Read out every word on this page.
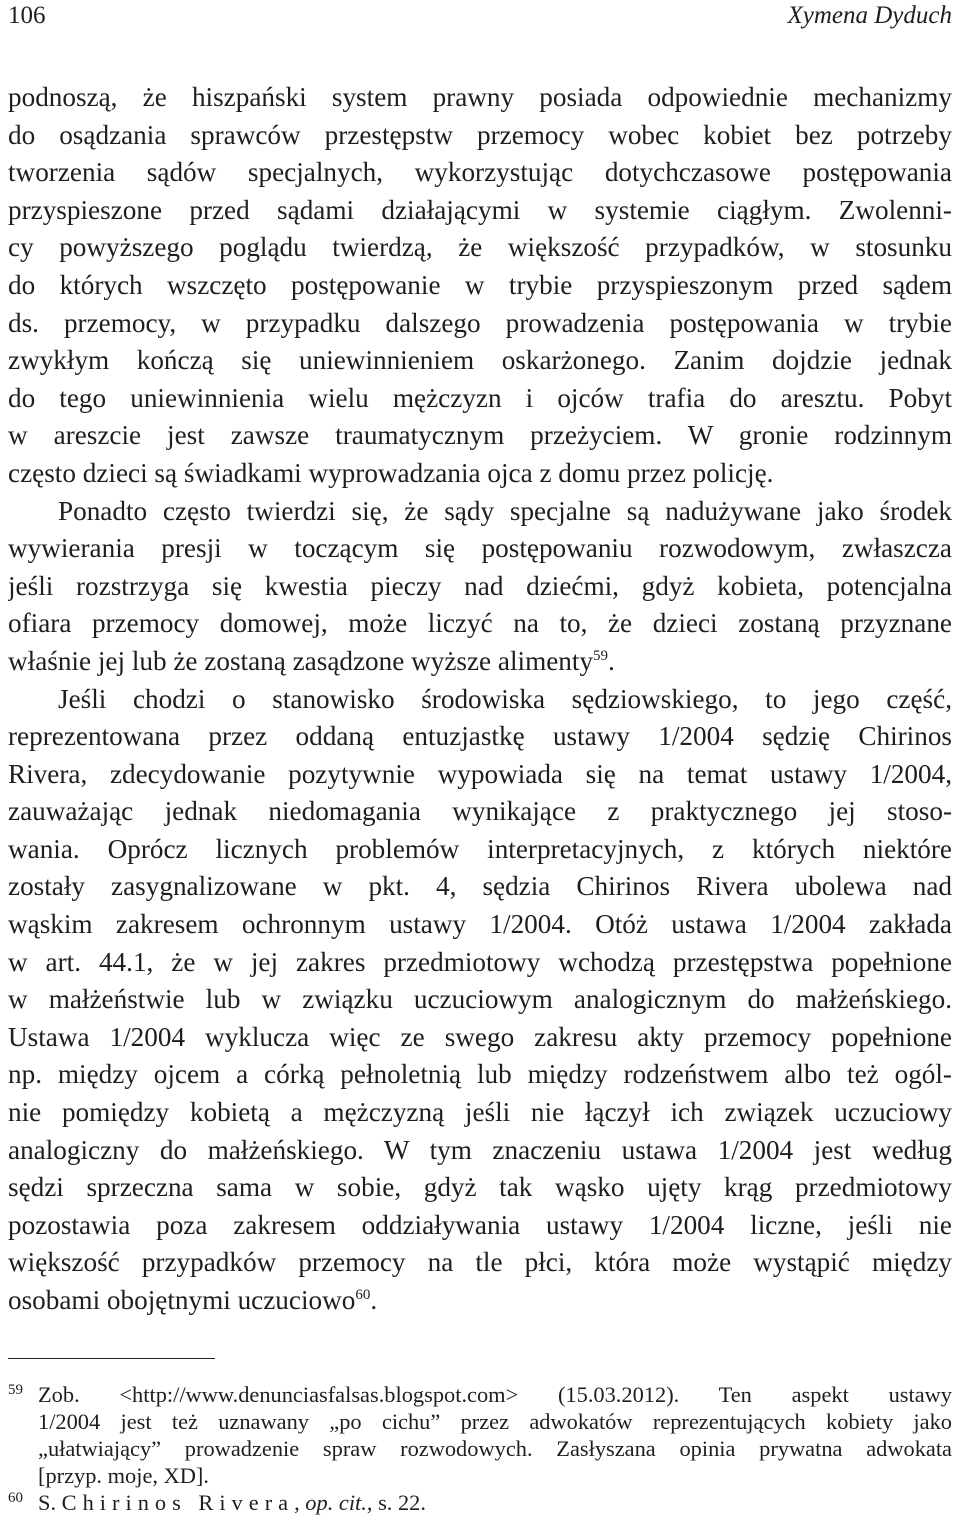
106	Xymena Dyduch
podnoszą, że hiszpański system prawny posiada odpowiednie mechanizmy
do osądzania sprawców przestępstw przemocy wobec kobiet bez potrzeby
tworzenia sądów specjalnych, wykorzystując dotychczasowe postępowania
przyspieszone przed sądami działającymi w systemie ciągłym. Zwolenni-
cy powyższego poglądu twierdzą, że większość przypadków, w stosunku
do których wszczęto postępowanie w trybie przyspieszonym przed sądem
ds. przemocy, w przypadku dalszego prowadzenia postępowania w trybie
zwykłym kończą się uniewinnieniem oskarżonego. Zanim dojdzie jednak
do tego uniewinnienia wielu mężczyzn i ojców trafia do aresztu. Pobyt
w areszcie jest zawsze traumatycznym przeżyciem. W gronie rodzinnym
często dzieci są świadkami wyprowadzania ojca z domu przez policję.
Ponadto często twierdzi się, że sądy specjalne są nadużywane jako środek
wywierania presji w toczącym się postępowaniu rozwodowym, zwłaszcza
jeśli rozstrzyga się kwestia pieczy nad dziećmi, gdyż kobieta, potencjalna
ofiara przemocy domowej, może liczyć na to, że dzieci zostaną przyznane
właśnie jej lub że zostaną zasądzone wyższe alimenty$^{59}$.
Jeśli chodzi o stanowisko środowiska sędziowskiego, to jego część,
reprezentowana przez oddaną entuzjastkę ustawy 1/2004 sędzię Chirinos
Rivera, zdecydowanie pozytywnie wypowiada się na temat ustawy 1/2004,
zauważając jednak niedomagania wynikające z praktycznego jej stoso-
wania. Oprócz licznych problemów interpretacyjnych, z których niektóre
zostały zasygnalizowane w pkt. 4, sędzia Chirinos Rivera ubolewa nad
wąskim zakresem ochronnym ustawy 1/2004. Otóż ustawa 1/2004 zakłada
w art. 44.1, że w jej zakres przedmiotowy wchodzą przestępstwa popełnione
w małżeństwie lub w związku uczuciowym analogicznym do małżeńskiego.
Ustawa 1/2004 wyklucza więc ze swego zakresu akty przemocy popełnione
np. między ojcem a córką pełnoletnią lub między rodzeństwem albo też ogól-
nie pomiędzy kobietą a mężczyzną jeśli nie łączył ich związek uczuciowy
analogiczny do małżeńskiego. W tym znaczeniu ustawa 1/2004 jest według
sędzi sprzeczna sama w sobie, gdyż tak wąsko ujęty krąg przedmiotowy
pozostawia poza zakresem oddziaływania ustawy 1/2004 liczne, jeśli nie
większość przypadków przemocy na tle płci, która może wystąpić między
osobami obojętnymi uczuciowo$^{60}$.
59 Zob. <http://www.denunciasfalsas.blogspot.com> (15.03.2012). Ten aspekt ustawy
1/2004 jest też uznawany „po cichu” przez adwokatów reprezentujących kobiety jako
„ułatwiający” prowadzenie spraw rozwodowych. Zasłyszana opinia prywatna adwokata
[przyp. moje, XD].
60 S. Chirinos Rivera, op. cit., s. 22.
